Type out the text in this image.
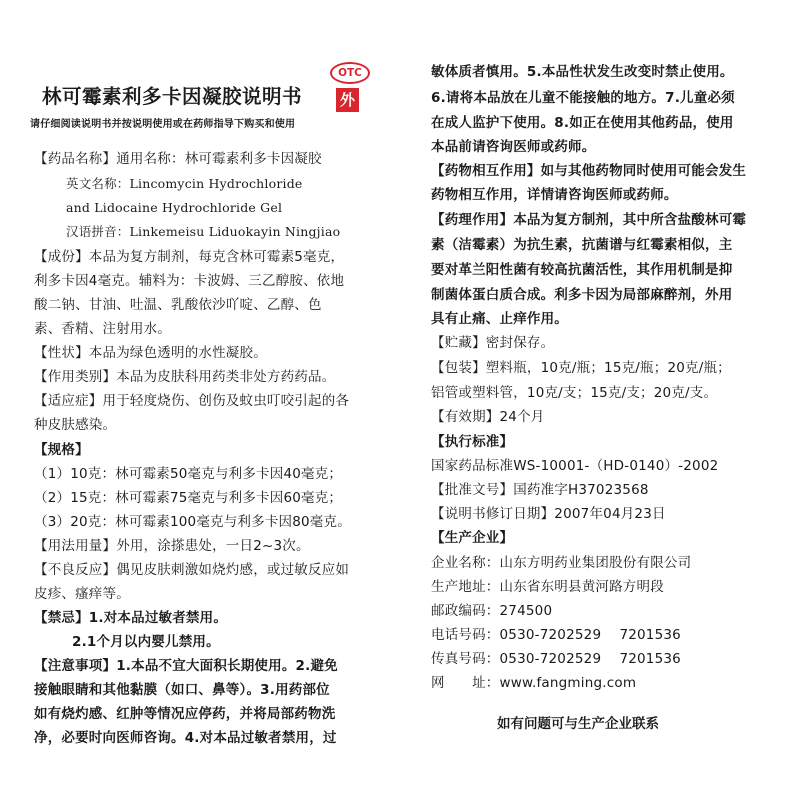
林可霉素利多卡因凝胶说明书
请仔细阅读说明书并按说明使用或在药师指导下购买和使用
OTC
外
【药品名称】通用名称：林可霉素利多卡因凝胶
英文名称：Lincomycin Hydrochloride
and Lidocaine Hydrochloride Gel
汉语拼音：Linkemeisu Liduokayin Ningjiao
【成份】本品为复方制剂，每克含林可霉素5毫克，
利多卡因4毫克。辅料为：卡波姆、三乙醇胺、依地
酸二钠、甘油、吐温、乳酸依沙吖啶、乙醇、色
素、香精、注射用水。
【性状】本品为绿色透明的水性凝胶。
【作用类别】本品为皮肤科用药类非处方药药品。
【适应症】用于轻度烧伤、创伤及蚊虫叮咬引起的各
种皮肤感染。
【规格】
（1）10克：林可霉素50毫克与利多卡因40毫克；
（2）15克：林可霉素75毫克与利多卡因60毫克；
（3）20克：林可霉素100毫克与利多卡因80毫克。
【用法用量】外用，涂搽患处，一日2~3次。
【不良反应】偶见皮肤刺激如烧灼感，或过敏反应如
皮疹、瘙痒等。
【禁忌】1.对本品过敏者禁用。
2.1个月以内婴儿禁用。
【注意事项】1.本品不宜大面积长期使用。2.避免
接触眼睛和其他黏膜（如口、鼻等）。3.用药部位
如有烧灼感、红肿等情况应停药，并将局部药物洗
净，必要时向医师咨询。4.对本品过敏者禁用，过
敏体质者慎用。5.本品性状发生改变时禁止使用。
6.请将本品放在儿童不能接触的地方。7.儿童必须
在成人监护下使用。8.如正在使用其他药品，使用
本品前请咨询医师或药师。
【药物相互作用】如与其他药物同时使用可能会发生
药物相互作用，详情请咨询医师或药师。
【药理作用】本品为复方制剂，其中所含盐酸林可霉
素（洁霉素）为抗生素，抗菌谱与红霉素相似，主
要对革兰阳性菌有较高抗菌活性，其作用机制是抑
制菌体蛋白质合成。利多卡因为局部麻醉剂，外用
具有止痛、止痒作用。
【贮藏】密封保存。
【包装】塑料瓶，10克/瓶；15克/瓶；20克/瓶；
铝管或塑料管，10克/支；15克/支；20克/支。
【有效期】24个月
【执行标准】
国家药品标准WS-10001-（HD-0140）-2002
【批准文号】国药准字H37023568
【说明书修订日期】2007年04月23日
【生产企业】
企业名称：山东方明药业集团股份有限公司
生产地址：山东省东明县黄河路方明段
邮政编码：274500
电话号码：0530-7202529　 7201536
传真号码：0530-7202529　 7201536
网　　址：www.fangming.com
如有问题可与生产企业联系
